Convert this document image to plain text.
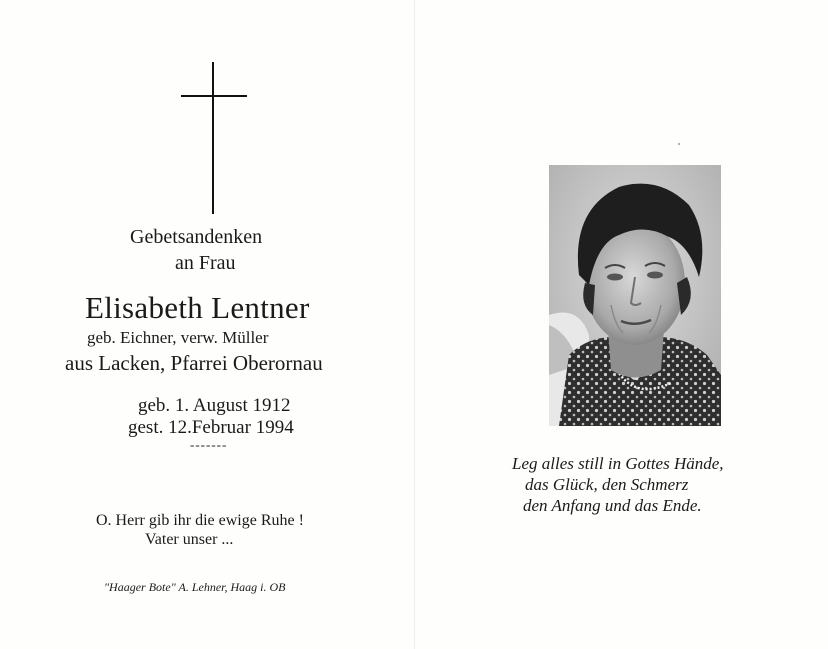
Gebetsandenken
an Frau
Elisabeth Lentner
geb. Eichner, verw. Müller
aus Lacken, Pfarrei Oberornau
geb. 1. August 1912
gest. 12.Februar 1994
-------
O. Herr gib ihr die ewige Ruhe !
Vater unser ...
"Haager Bote" A. Lehner, Haag i. OB
Leg alles still in Gottes Hände,
das Glück, den Schmerz
den Anfang und das Ende.
